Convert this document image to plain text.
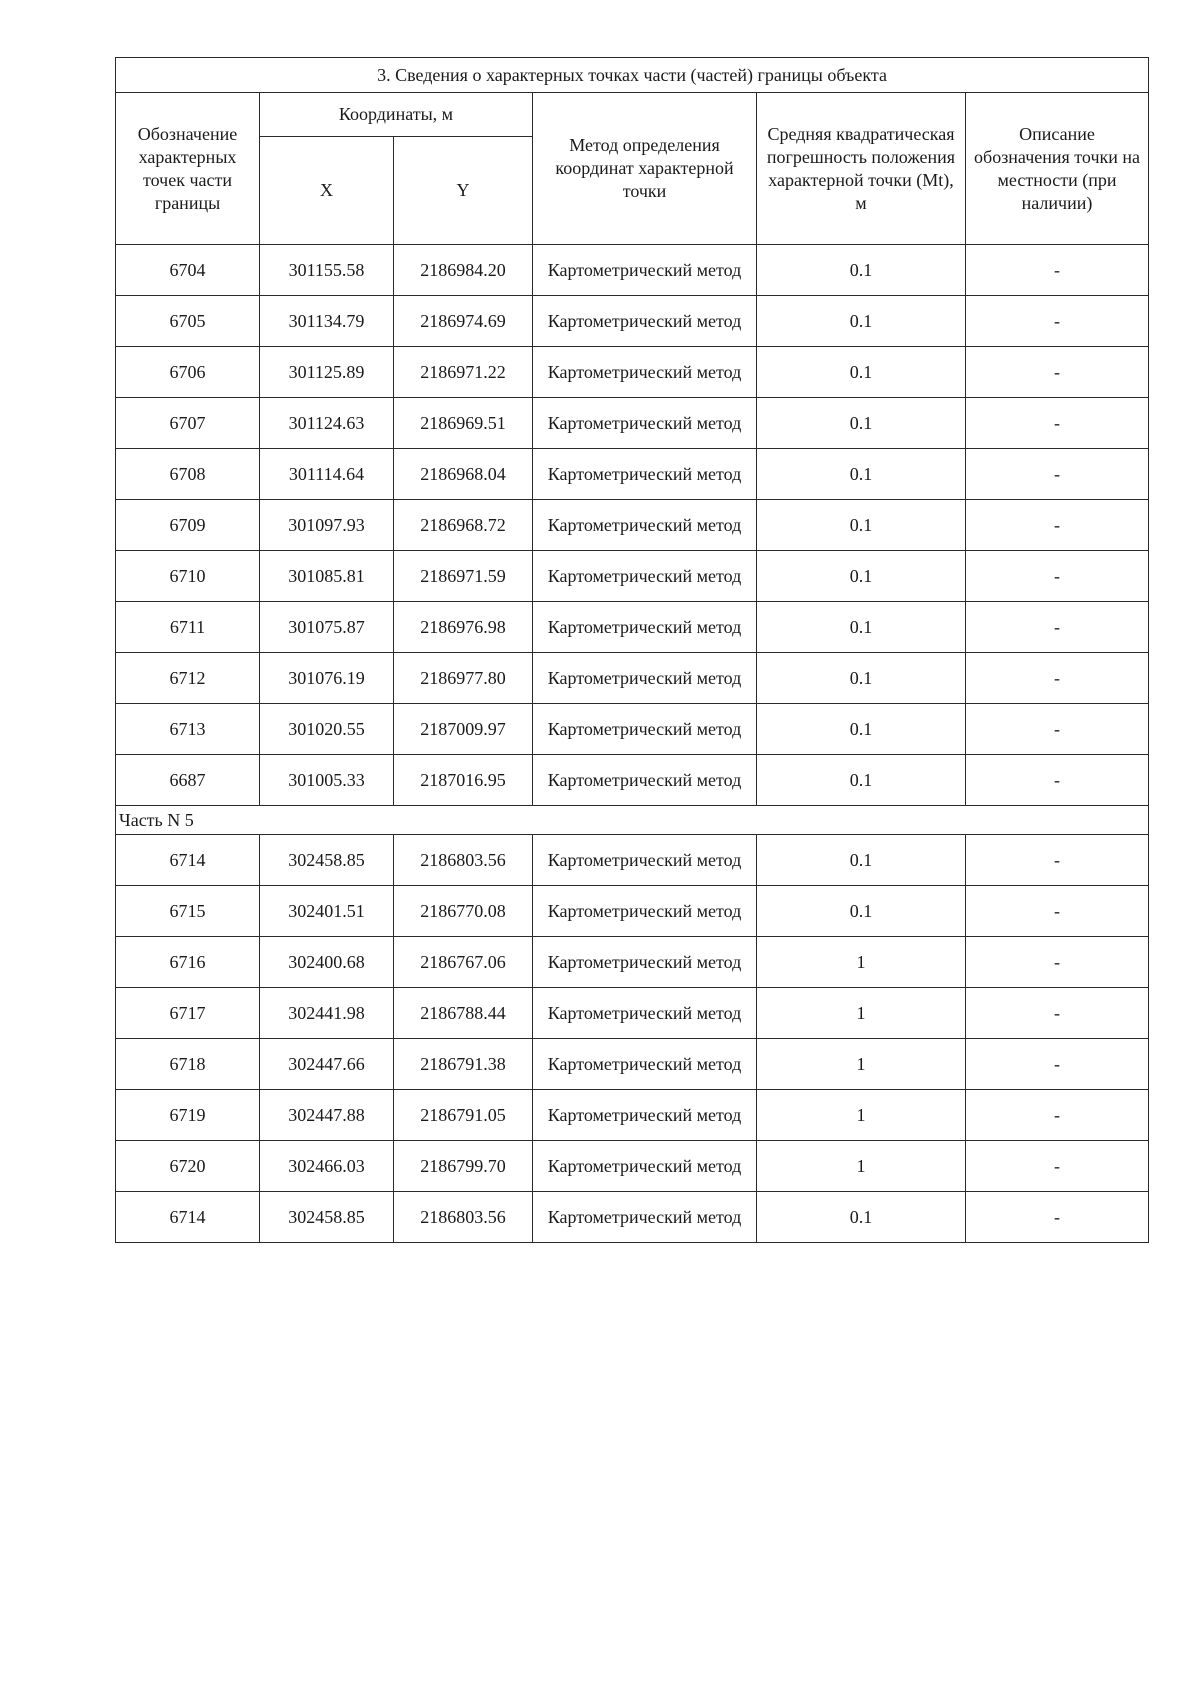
3. Сведения о характерных точках части (частей) границы объекта					
Обозначение характерных точек части границы	Координаты, м		Метод определения координат характерной точки	Средняя квадратическая погрешность положения характерной точки (Mt), м	Описание обозначения точки на местности (при наличии)
	X	Y			
6704	301155.58	2186984.20	Картометрический метод	0.1	-
6705	301134.79	2186974.69	Картометрический метод	0.1	-
6706	301125.89	2186971.22	Картометрический метод	0.1	-
6707	301124.63	2186969.51	Картометрический метод	0.1	-
6708	301114.64	2186968.04	Картометрический метод	0.1	-
6709	301097.93	2186968.72	Картометрический метод	0.1	-
6710	301085.81	2186971.59	Картометрический метод	0.1	-
6711	301075.87	2186976.98	Картометрический метод	0.1	-
6712	301076.19	2186977.80	Картометрический метод	0.1	-
6713	301020.55	2187009.97	Картометрический метод	0.1	-
6687	301005.33	2187016.95	Картометрический метод	0.1	-
Часть N 5					
6714	302458.85	2186803.56	Картометрический метод	0.1	-
6715	302401.51	2186770.08	Картометрический метод	0.1	-
6716	302400.68	2186767.06	Картометрический метод	1	-
6717	302441.98	2186788.44	Картометрический метод	1	-
6718	302447.66	2186791.38	Картометрический метод	1	-
6719	302447.88	2186791.05	Картометрический метод	1	-
6720	302466.03	2186799.70	Картометрический метод	1	-
6714	302458.85	2186803.56	Картометрический метод	0.1	-
